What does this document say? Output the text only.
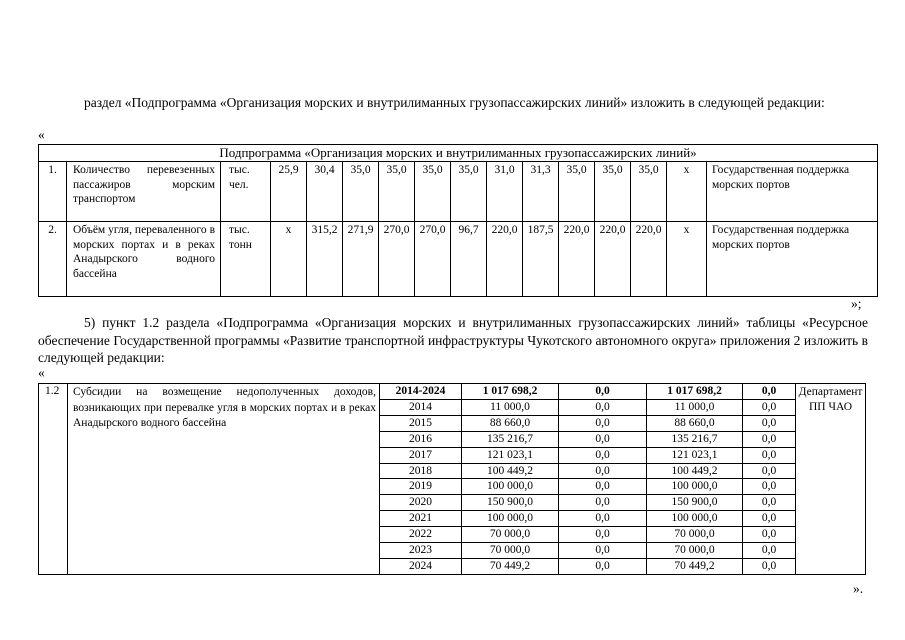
раздел «Подпрограмма «Организация морских и внутрилиманных грузопассажирских линий» изложить в следующей редакции:
«
Подпрограмма «Организация морских и внутрилиманных грузопассажирских линий»															
1.	Количество перевезенных пассажиров морским транспортом	тыс. чел.	25,9	30,4	35,0	35,0	35,0	35,0	31,0	31,3	35,0	35,0	35,0	x	Государственная поддержка морских портов
2.	Объём угля, переваленного в морских портах и в реках Анадырского водного бассейна	тыс. тонн	x	315,2	271,9	270,0	270,0	96,7	220,0	187,5	220,0	220,0	220,0	x	Государственная поддержка морских портов
»;
5) пункт 1.2 раздела «Подпрограмма «Организация морских и внутрилиманных грузопассажирских линий» таблицы «Ресурсное обеспечение Государственной программы «Развитие транспортной инфраструктуры Чукотского автономного округа» приложения 2 изложить в следующей редакции:
«
1.2	Субсидии на возмещение недополученных доходов, возникающих при перевалке угля в морских портах и в реках Анадырского водного бассейна	2014-2024	1 017 698,2	0,0	1 017 698,2	0,0	Департамент ПП ЧАО
		2014	11 000,0	0,0	11 000,0	0,0	
		2015	88 660,0	0,0	88 660,0	0,0	
		2016	135 216,7	0,0	135 216,7	0,0	
		2017	121 023,1	0,0	121 023,1	0,0	
		2018	100 449,2	0,0	100 449,2	0,0	
		2019	100 000,0	0,0	100 000,0	0,0	
		2020	150 900,0	0,0	150 900,0	0,0	
		2021	100 000,0	0,0	100 000,0	0,0	
		2022	70 000,0	0,0	70 000,0	0,0	
		2023	70 000,0	0,0	70 000,0	0,0	
		2024	70 449,2	0,0	70 449,2	0,0	
».
